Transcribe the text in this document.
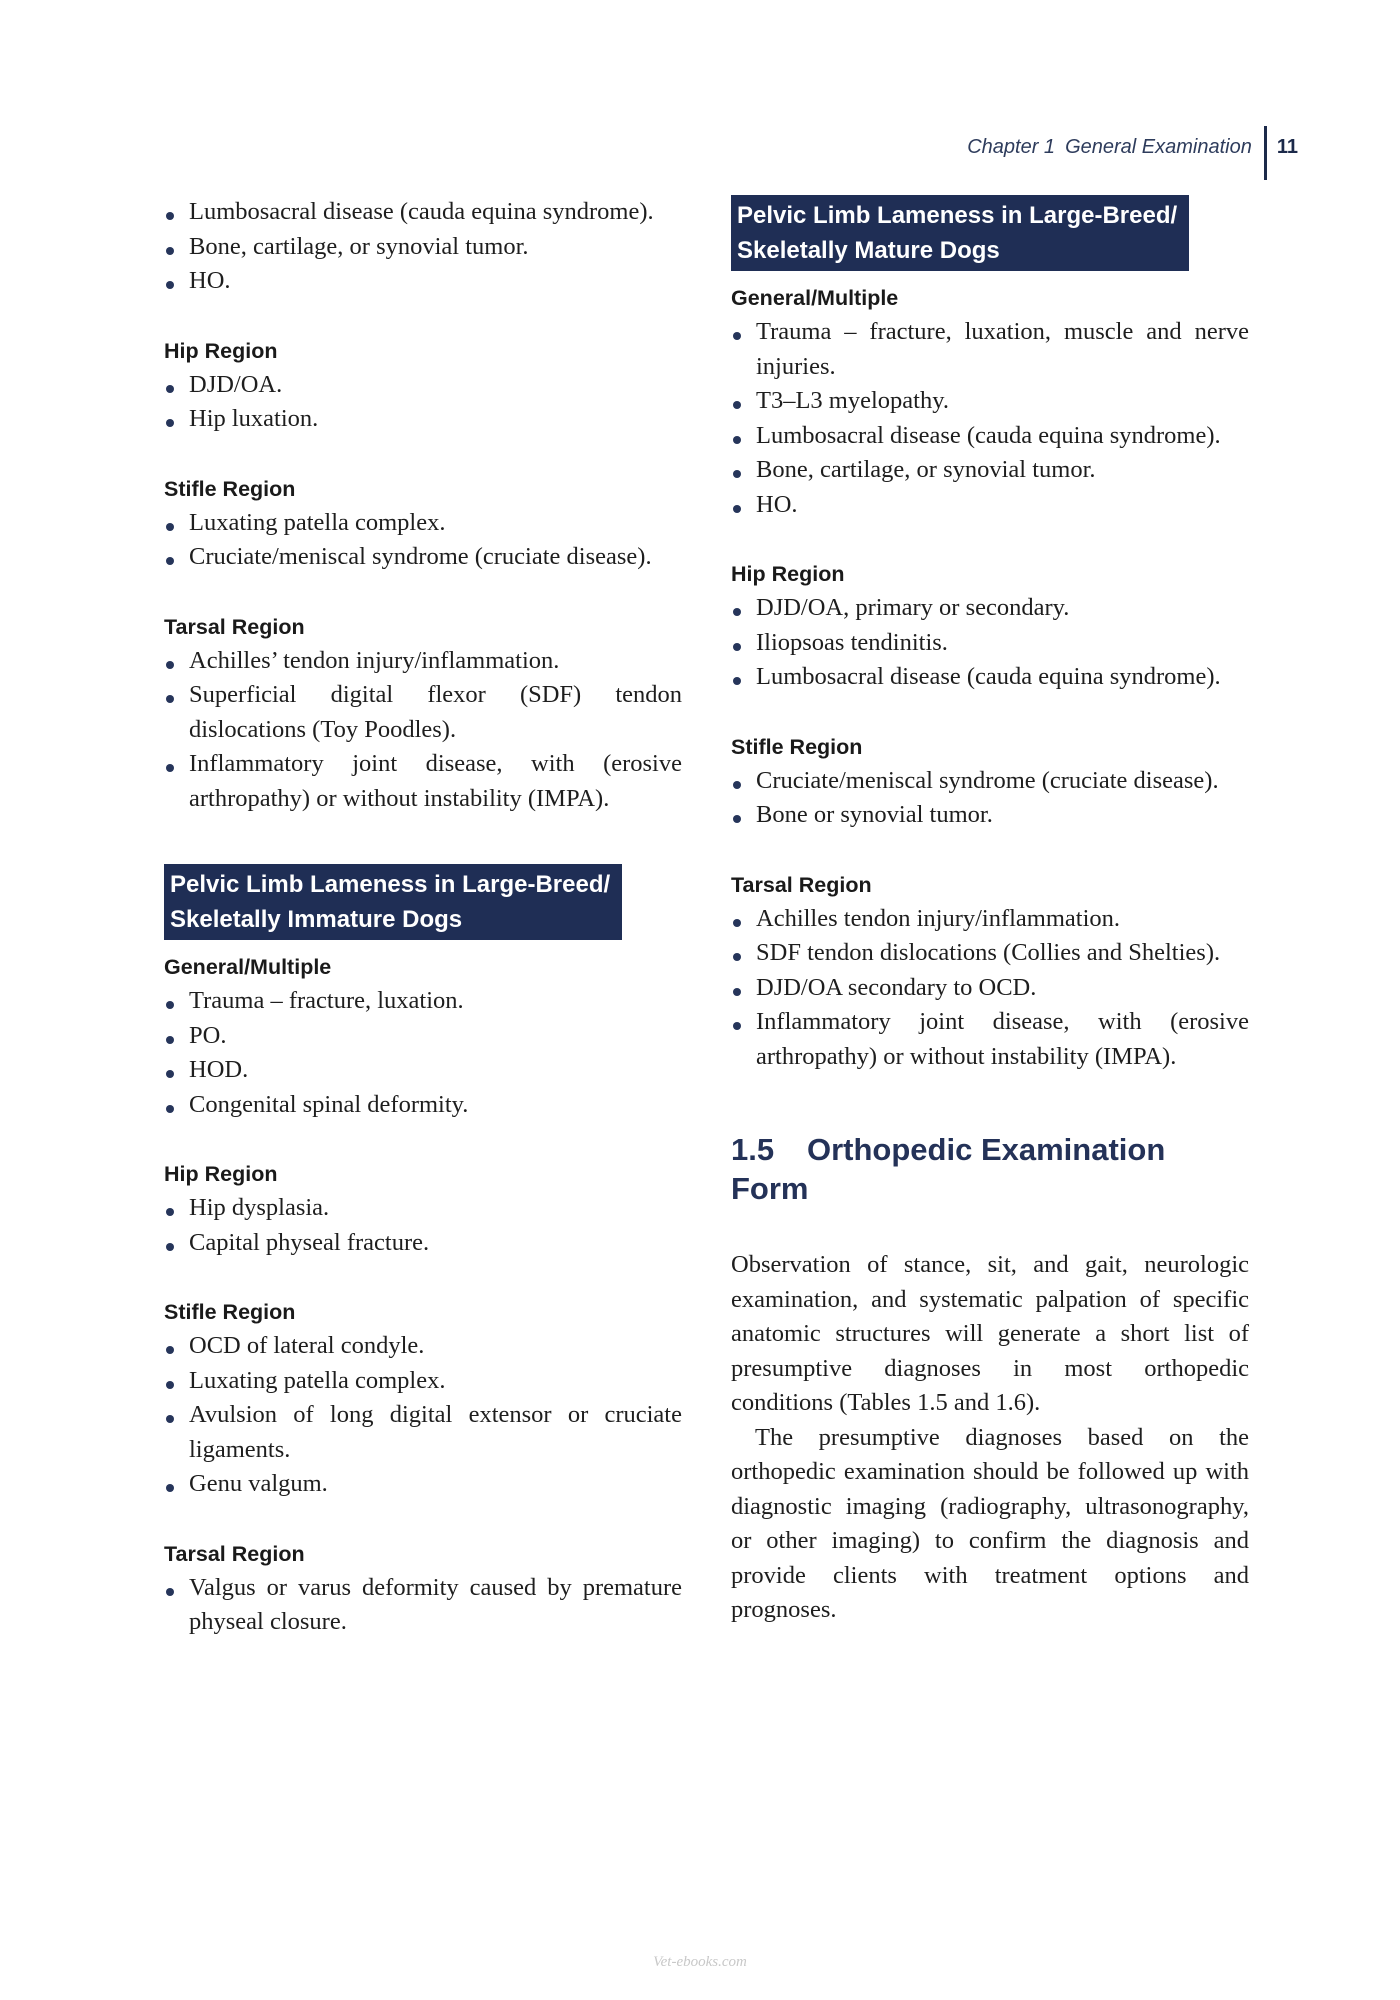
Chapter 1 General Examination 11
Lumbosacral disease (cauda equina syndrome).
Bone, cartilage, or synovial tumor.
HO.

Hip Region

DJD/OA.
Hip luxation.

Stifle Region

Luxating patella complex.
Cruciate/meniscal syndrome (cruciate disease).

Tarsal Region

Achilles’ tendon injury/inflammation.
Superficial digital flexor (SDF) tendon dislocations (Toy Poodles).
Inflammatory joint disease, with (erosive arthropathy) or without instability (IMPA).
Pelvic Limb Lameness in Large-Breed/
Skeletally Immature Dogs

General/Multiple

Trauma – fracture, luxation.
PO.
HOD.
Congenital spinal deformity.

Hip Region

Hip dysplasia.
Capital physeal fracture.

Stifle Region

OCD of lateral condyle.
Luxating patella complex.
Avulsion of long digital extensor or cruciate ligaments.
Genu valgum.

Tarsal Region

Valgus or varus deformity caused by premature physeal closure.
Pelvic Limb Lameness in Large-Breed/
Skeletally Mature Dogs

General/Multiple

Trauma – fracture, luxation, muscle and nerve injuries.
T3–L3 myelopathy.
Lumbosacral disease (cauda equina syndrome).
Bone, cartilage, or synovial tumor.
HO.

Hip Region

DJD/OA, primary or secondary.
Iliopsoas tendinitis.
Lumbosacral disease (cauda equina syndrome).

Stifle Region

Cruciate/meniscal syndrome (cruciate disease).
Bone or synovial tumor.

Tarsal Region

Achilles tendon injury/inflammation.
SDF tendon dislocations (Collies and Shelties).
DJD/OA secondary to OCD.
Inflammatory joint disease, with (erosive arthropathy) or without instability (IMPA).
1.5 Orthopedic Examination Form

Observation of stance, sit, and gait, neurologic examination, and systematic palpation of specific anatomic structures will generate a short list of presumptive diagnoses in most orthopedic conditions (Tables 1.5 and 1.6).

The presumptive diagnoses based on the orthopedic examination should be followed up with diagnostic imaging (radiography, ultrasonography, or other imaging) to confirm the diagnosis and provide clients with treatment options and prognoses.

Vet-ebooks.com
